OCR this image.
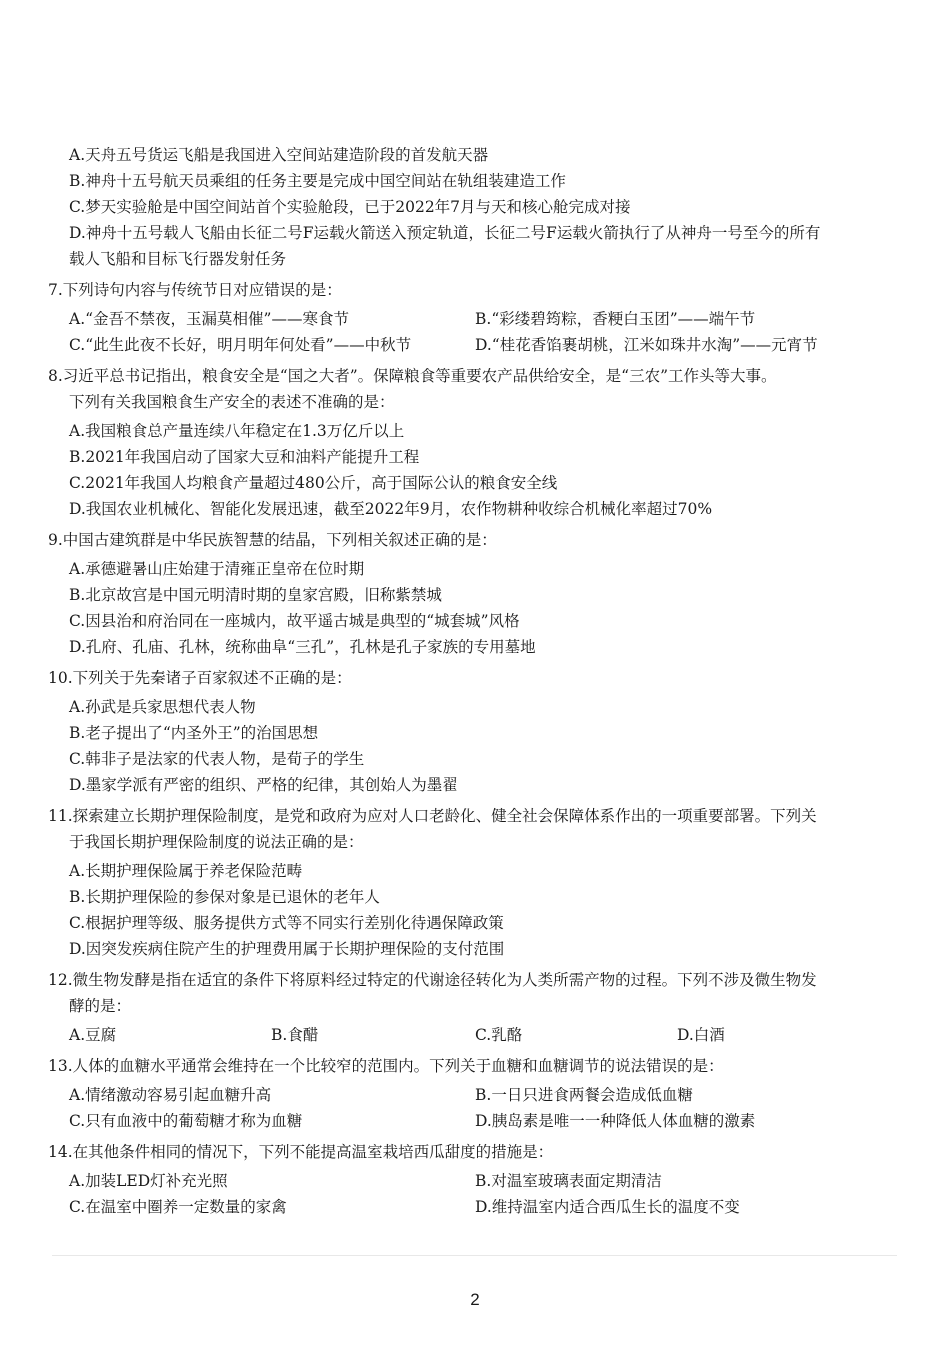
A.天舟五号货运飞船是我国进入空间站建造阶段的首发航天器
B.神舟十五号航天员乘组的任务主要是完成中国空间站在轨组装建造工作
C.梦天实验舱是中国空间站首个实验舱段，已于2022年7月与天和核心舱完成对接
D.神舟十五号载人飞船由长征二号F运载火箭送入预定轨道，长征二号F运载火箭执行了从神舟一号至今的所有
载人飞船和目标飞行器发射任务
7.下列诗句内容与传统节日对应错误的是：
A.“金吾不禁夜，玉漏莫相催”——寒食节	B.“彩缕碧筠粽，香粳白玉团”——端午节
C.“此生此夜不长好，明月明年何处看”——中秋节	D.“桂花香馅裹胡桃，江米如珠井水淘”——元宵节
8.习近平总书记指出，粮食安全是“国之大者”。保障粮食等重要农产品供给安全，是“三农”工作头等大事。
下列有关我国粮食生产安全的表述不准确的是：
A.我国粮食总产量连续八年稳定在1.3万亿斤以上
B.2021年我国启动了国家大豆和油料产能提升工程
C.2021年我国人均粮食产量超过480公斤，高于国际公认的粮食安全线
D.我国农业机械化、智能化发展迅速，截至2022年9月，农作物耕种收综合机械化率超过70%
9.中国古建筑群是中华民族智慧的结晶，下列相关叙述正确的是：
A.承德避暑山庄始建于清雍正皇帝在位时期
B.北京故宫是中国元明清时期的皇家宫殿，旧称紫禁城
C.因县治和府治同在一座城内，故平遥古城是典型的“城套城”风格
D.孔府、孔庙、孔林，统称曲阜“三孔”，孔林是孔子家族的专用墓地
10.下列关于先秦诸子百家叙述不正确的是：
A.孙武是兵家思想代表人物
B.老子提出了“内圣外王”的治国思想
C.韩非子是法家的代表人物，是荀子的学生
D.墨家学派有严密的组织、严格的纪律，其创始人为墨翟
11.探索建立长期护理保险制度，是党和政府为应对人口老龄化、健全社会保障体系作出的一项重要部署。下列关
于我国长期护理保险制度的说法正确的是：
A.长期护理保险属于养老保险范畴
B.长期护理保险的参保对象是已退休的老年人
C.根据护理等级、服务提供方式等不同实行差别化待遇保障政策
D.因突发疾病住院产生的护理费用属于长期护理保险的支付范围
12.微生物发酵是指在适宜的条件下将原料经过特定的代谢途径转化为人类所需产物的过程。下列不涉及微生物发
酵的是：
A.豆腐	B.食醋	C.乳酪	D.白酒
13.人体的血糖水平通常会维持在一个比较窄的范围内。下列关于血糖和血糖调节的说法错误的是：
A.情绪激动容易引起血糖升高	B.一日只进食两餐会造成低血糖
C.只有血液中的葡萄糖才称为血糖	D.胰岛素是唯一一种降低人体血糖的激素
14.在其他条件相同的情况下，下列不能提高温室栽培西瓜甜度的措施是：
A.加装LED灯补充光照	B.对温室玻璃表面定期清洁
C.在温室中圈养一定数量的家禽	D.维持温室内适合西瓜生长的温度不变
2
